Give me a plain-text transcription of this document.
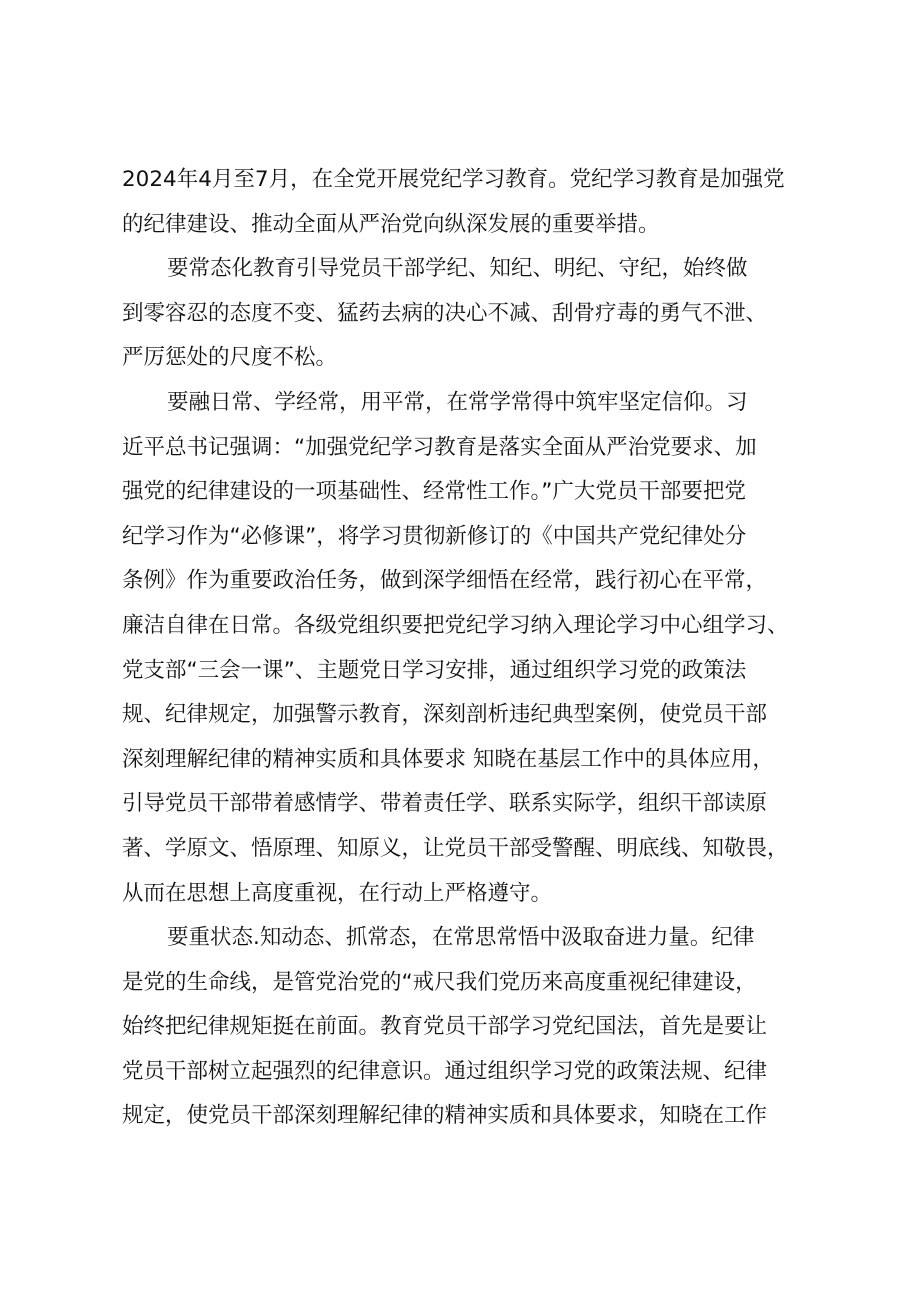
2024年4月至7月，在全党开展党纪学习教育。党纪学习教育是加强党
的纪律建设、推动全面从严治党向纵深发展的重要举措。
要常态化教育引导党员干部学纪、知纪、明纪、守纪，始终做
到零容忍的态度不变、猛药去病的决心不减、刮骨疗毒的勇气不泄、
严厉惩处的尺度不松。
要融日常、学经常，用平常，在常学常得中筑牢坚定信仰。习
近平总书记强调：“加强党纪学习教育是落实全面从严治党要求、加
强党的纪律建设的一项基础性、经常性工作。”广大党员干部要把党
纪学习作为“必修课”，将学习贯彻新修订的《中国共产党纪律处分
条例》作为重要政治任务，做到深学细悟在经常，践行初心在平常，
廉洁自律在日常。各级党组织要把党纪学习纳入理论学习中心组学习、
党支部“三会一课”、主题党日学习安排，通过组织学习党的政策法
规、纪律规定，加强警示教育，深刻剖析违纪典型案例，使党员干部
深刻理解纪律的精神实质和具体要求 知晓在基层工作中的具体应用，
引导党员干部带着感情学、带着责任学、联系实际学，组织干部读原
著、学原文、悟原理、知原义，让党员干部受警醒、明底线、知敬畏，
从而在思想上高度重视，在行动上严格遵守。
要重状态.知动态、抓常态，在常思常悟中汲取奋进力量。纪律
是党的生命线，是管党治党的“戒尺我们党历来高度重视纪律建设，
始终把纪律规矩挺在前面。教育党员干部学习党纪国法，首先是要让
党员干部树立起强烈的纪律意识。通过组织学习党的政策法规、纪律
规定，使党员干部深刻理解纪律的精神实质和具体要求，知晓在工作
